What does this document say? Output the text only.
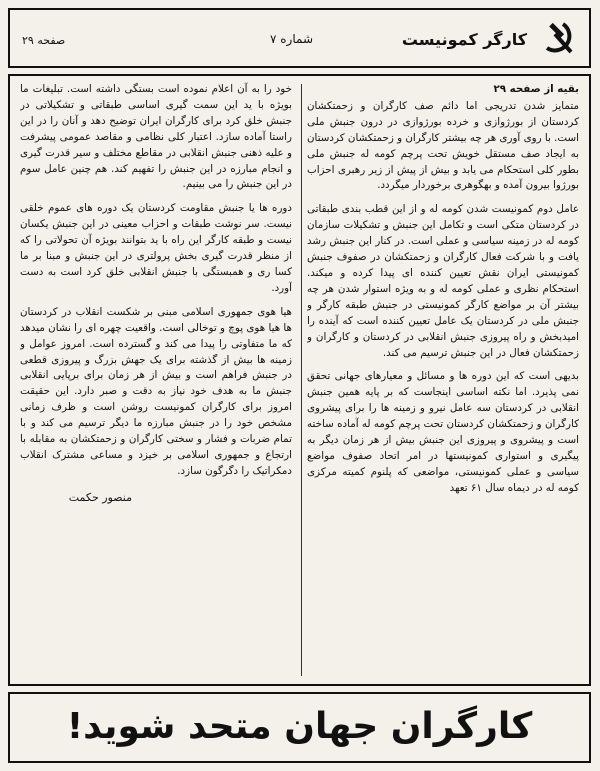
کارگر کمونیست
شماره ۷
صفحه ۲۹
بقیه از صفحه ۲۹
متمایز شدن تدریجی اما دائم صف کارگران و زحمتکشان کردستان از بورژوازی و خرده بورژوازی در درون جنبش ملی است. با روی آوری هر چه بیشتر کارگران و زحمتکشان کردستان به ایجاد صف مستقل خویش تحت پرچم کومه له جنبش ملی بطور کلی استحکام می یابد و بیش از پیش از زیر رهبری احزاب بورژوا بیرون آمده و بهگوهری برخوردار میگردد.
عامل دوم کمونیست شدن کومه له و از این قطب بندی طبقاتی در کردستان متکی است و تکامل این جنبش و تشکیلات سازمان کومه له در زمینه سیاسی و عملی است. در کنار این جنبش رشد یافت و با شرکت فعال کارگران و زحمتکشان در صفوف جنبش کمونیستی ایران نقش تعیین کننده ای پیدا کرده و میکند. استحکام نظری و عملی کومه له و به ویژه استوار شدن هر چه بیشتر آن بر مواضع کارگر کمونیستی در جنبش طبقه کارگر و جنبش ملی در کردستان یک عامل تعیین کننده است که آینده را امیدبخش و راه پیروزی جنبش انقلابی در کردستان و کارگران و زحمتکشان فعال در این جنبش ترسیم می کند.
بدیهی است که این دوره ها و مسائل و معیارهای جهانی تحقق نمی پذیرد. اما نکته اساسی اینجاست که بر پایه همین جنبش انقلابی در کردستان سه عامل نیرو و زمینه ها را برای پیشروی کارگران و زحمتکشان کردستان تحت پرچم کومه له آماده ساخته است و پیشروی و پیروزی این جنبش بیش از هر زمان دیگر به پیگیری و استواری کمونیستها در امر اتحاد صفوف مواضع سیاسی و عملی کمونیستی، مواضعی که پلنوم کمیته مرکزی کومه له در دیماه سال ۶۱ تعهد
خود را به آن اعلام نموده است بستگی داشته است. تبلیغات ما بویژه با ید این سمت گیری اساسی طبقاتی و تشکیلاتی در جنبش خلق کرد برای کارگران ایران توضیح دهد و آنان را در این راستا آماده سازد. اعتبار کلی نظامی و مقاصد عمومی پیشرفت و علیه ذهنی جنبش انقلابی در مقاطع مختلف و سیر قدرت گیری و انجام مبارزه در این جنبش را تفهیم کند. هم چنین عامل سوم در این جنبش را می بینیم.
دوره ها یا جنبش مقاومت کردستان یک دوره های عموم خلقی نیست. سر نوشت طبقات و احزاب معینی در این جنبش یکسان نیست و طبقه کارگر این راه با ید بتوانند بویژه آن تحولاتی را که از منظر قدرت گیری بخش پرولتری در این جنبش و مبنا بر ما کسا ری و همبستگی با جنبش انقلابی خلق کرد است به دست آورد.
هیا هوی جمهوری اسلامی مبنی بر شکست انقلاب در کردستان ها هیا هوی پوچ و توخالی است. واقعیت چهره ای را نشان میدهد که ما متفاوتی را پیدا می کند و گسترده است. امروز عوامل و زمینه ها بیش از گذشته برای یک جهش بزرگ و پیروزی قطعی در جنبش فراهم است و بیش از هر زمان برای برپایی انقلابی جنبش ما به هدف خود نیاز به دقت و صبر دارد. این حقیقت امروز برای کارگران کمونیست روشن است و ظرف زمانی مشخص خود را در جنبش مبارزه ما دیگر ترسیم می کند و با تمام ضربات و فشار و سختی کارگران و زحمتکشان به مقابله با ارتجاع و جمهوری اسلامی بر خیزد و مساعی مشترک انقلاب دمکراتیک را دگرگون سازد.
منصور حکمت
کارگران جهان متحد شوید!
